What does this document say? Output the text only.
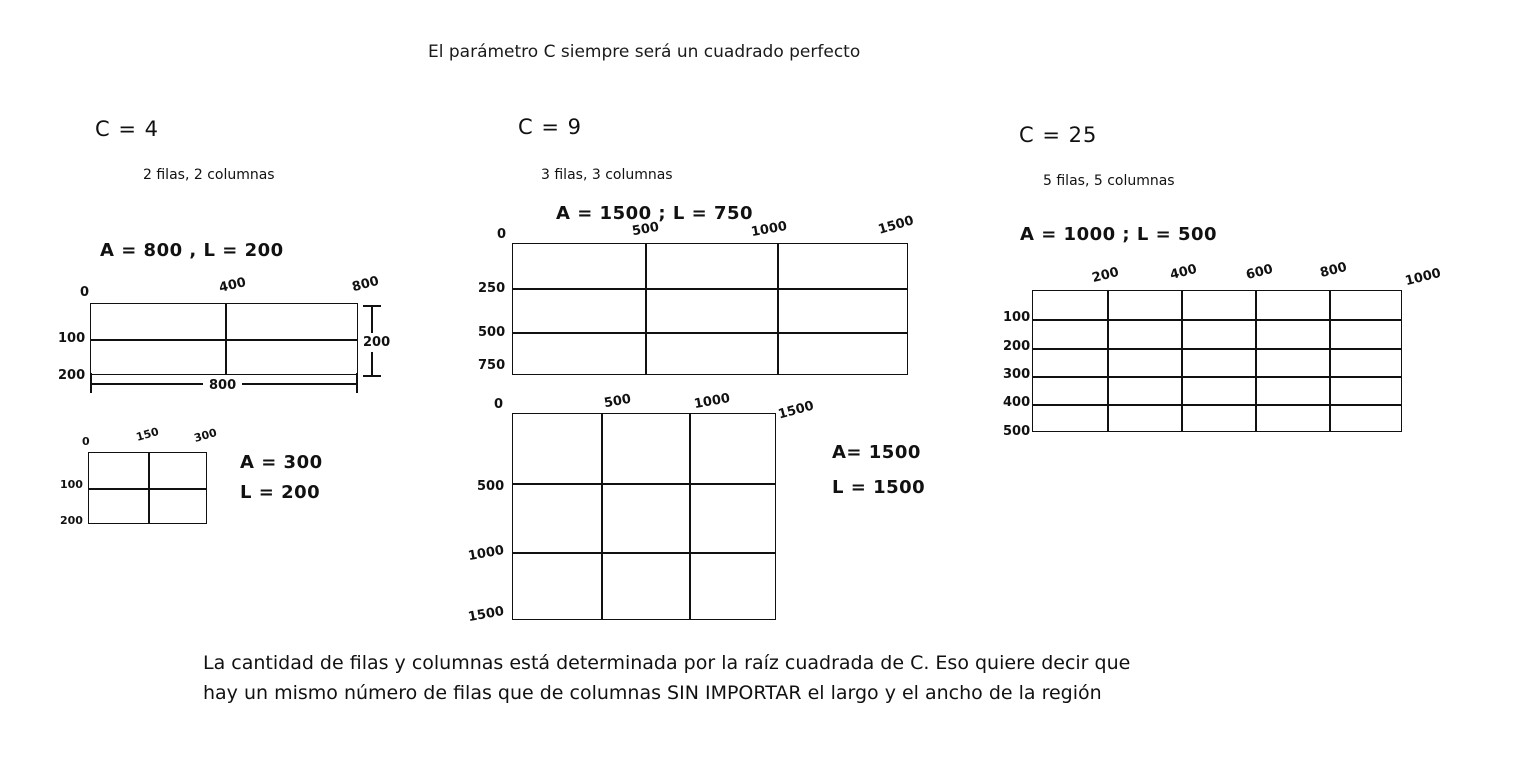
El parámetro C siempre será un cuadrado perfecto
C = 4
2 filas, 2 columnas
A = 800 , L = 200
0	400	800
100
200
800
200
0	150	300
100
200
A = 300
L = 200
C = 9
3 filas, 3 columnas
A = 1500 ; L = 750
0	500	1000	1500
250
500
750
0	500	1000	1500
500
1000
1500
A= 1500
L = 1500
C = 25
5 filas, 5 columnas
A = 1000 ; L = 500
200	400	600	800	1000
100
200
300
400
500
La cantidad de filas y columnas está determinada por la raíz cuadrada de C. Eso quiere decir que
hay un mismo número de filas que de columnas SIN IMPORTAR el largo y el ancho de la región
